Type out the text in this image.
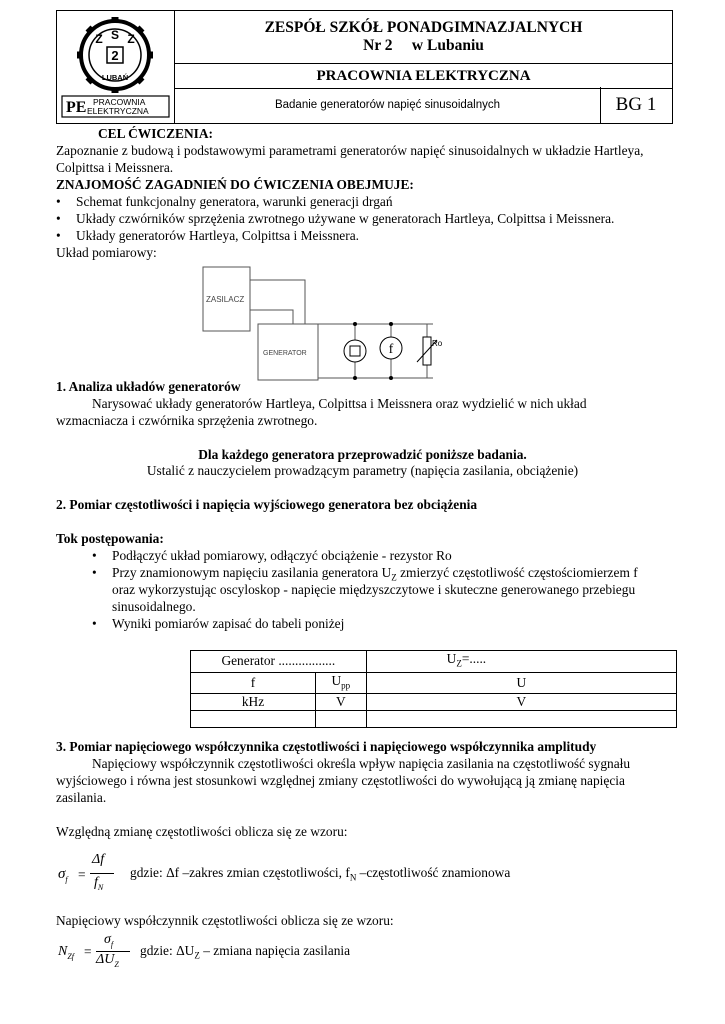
2
Z S Z
LUBAŃ
PE PRACOWNIA
ELEKTRYCZNA
ZESPÓŁ SZKÓŁ PONADGIMNAZJALNYCH
Nr 2 w Lubaniu
PRACOWNIA ELEKTRYCZNA
Badanie generatorów napięć sinusoidalnych	BG 1
CEL ĆWICZENIA:
Zapoznanie z budową i podstawowymi parametrami generatorów napięć sinusoidalnych w układzie Hartleya,
Colpittsa i Meissnera.
ZNAJOMOŚĆ ZAGADNIEŃ DO ĆWICZENIA OBEJMUJE:
• Schemat funkcjonalny generatora, warunki generacji drgań
• Układy czwórników sprzężenia zwrotnego używane w generatorach Hartleya, Colpittsa i Meissnera.
• Układy generatorów Hartleya, Colpittsa i Meissnera.
Układ pomiarowy:
f	Ro
ZASILACZ
GENERATOR
1. Analiza układów generatorów
Narysować układy generatorów Hartleya, Colpittsa i Meissnera oraz wydzielić w nich układ
wzmacniacza i czwórnika sprzężenia zwrotnego.
Dla każdego generatora przeprowadzić poniższe badania.
Ustalić z nauczycielem prowadzącym parametry (napięcia zasilania, obciążenie)
2. Pomiar częstotliwości i napięcia wyjściowego generatora bez obciążenia
Tok postępowania:
• Podłączyć układ pomiarowy, odłączyć obciążenie - rezystor Ro
• Przy znamionowym napięciu zasilania generatora $U_Z$ zmierzyć częstotliwość częstościomierzem f
oraz wykorzystując oscyloskop - napięcie międzyszczytowe i skuteczne generowanego przebiegu
sinusoidalnego.
• Wyniki pomiarów zapisać do tabeli poniżej
Generator .................		$U_Z=$.....
f	$U_{pp}$	U
kHz	V	V

3. Pomiar napięciowego współczynnika częstotliwości i napięciowego współczynnika amplitudy
Napięciowy współczynnik częstotliwości określa wpływ napięcia zasilania na częstotliwość sygnału
wyjściowego i równa jest stosunkowi względnej zmiany częstotliwości do wywołującą ją zmianę napięcia
zasilania.
Względną zmianę częstotliwości oblicza się ze wzoru:
$\sigma_f$ =
Δf
$f_N$
gdzie: Δf –zakres zmian częstotliwości, $f_N$ –częstotliwość znamionowa
Napięciowy współczynnik częstotliwości oblicza się ze wzoru:
$N_{Zf}$ =
$\sigma_f$
$\Delta U_Z$
gdzie: $\Delta U_Z$ – zmiana napięcia zasilania
